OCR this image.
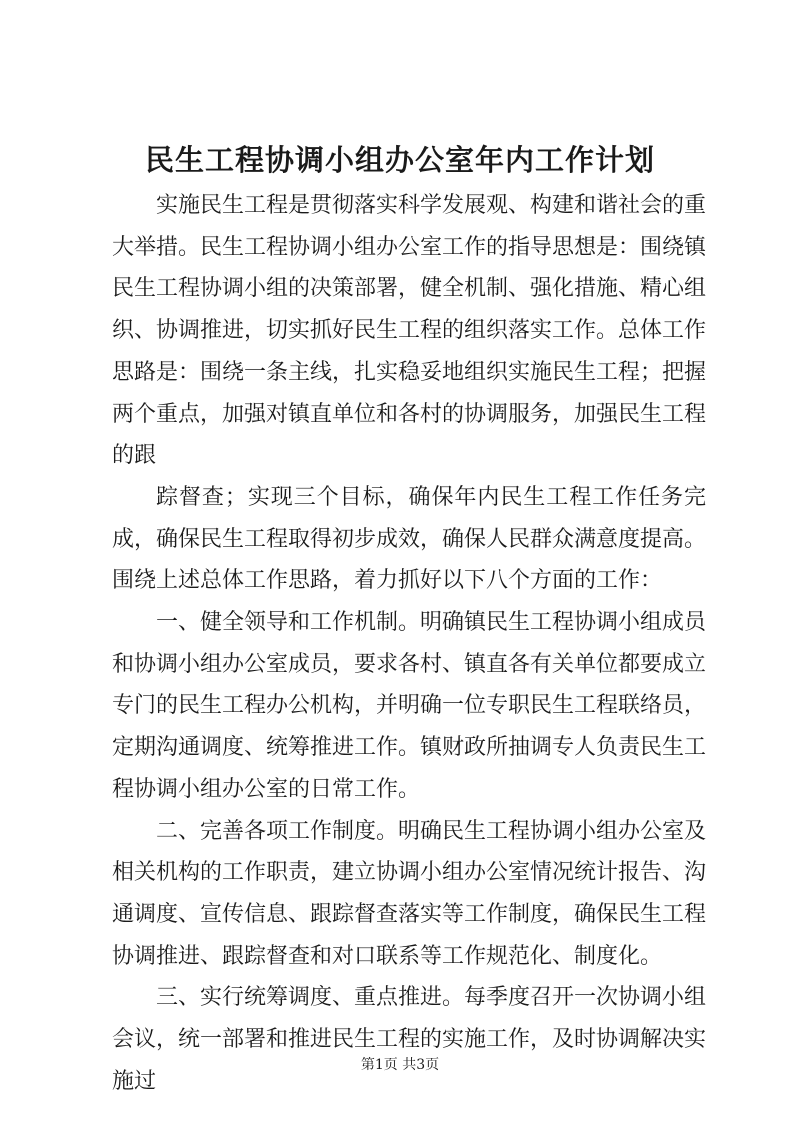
民生工程协调小组办公室年内工作计划

实施民生工程是贯彻落实科学发展观、构建和谐社会的重大举措。民生工程协调小组办公室工作的指导思想是：围绕镇民生工程协调小组的决策部署，健全机制、强化措施、精心组织、协调推进，切实抓好民生工程的组织落实工作。总体工作思路是：围绕一条主线，扎实稳妥地组织实施民生工程；把握两个重点，加强对镇直单位和各村的协调服务，加强民生工程的跟

踪督查；实现三个目标，确保年内民生工程工作任务完成，确保民生工程取得初步成效，确保人民群众满意度提高。围绕上述总体工作思路，着力抓好以下八个方面的工作：

一、健全领导和工作机制。明确镇民生工程协调小组成员和协调小组办公室成员，要求各村、镇直各有关单位都要成立专门的民生工程办公机构，并明确一位专职民生工程联络员，定期沟通调度、统筹推进工作。镇财政所抽调专人负责民生工程协调小组办公室的日常工作。

二、完善各项工作制度。明确民生工程协调小组办公室及相关机构的工作职责，建立协调小组办公室情况统计报告、沟通调度、宣传信息、跟踪督查落实等工作制度，确保民生工程协调推进、跟踪督查和对口联系等工作规范化、制度化。

三、实行统筹调度、重点推进。每季度召开一次协调小组会议，统一部署和推进民生工程的实施工作，及时协调解决实施过

第1页 共3页
